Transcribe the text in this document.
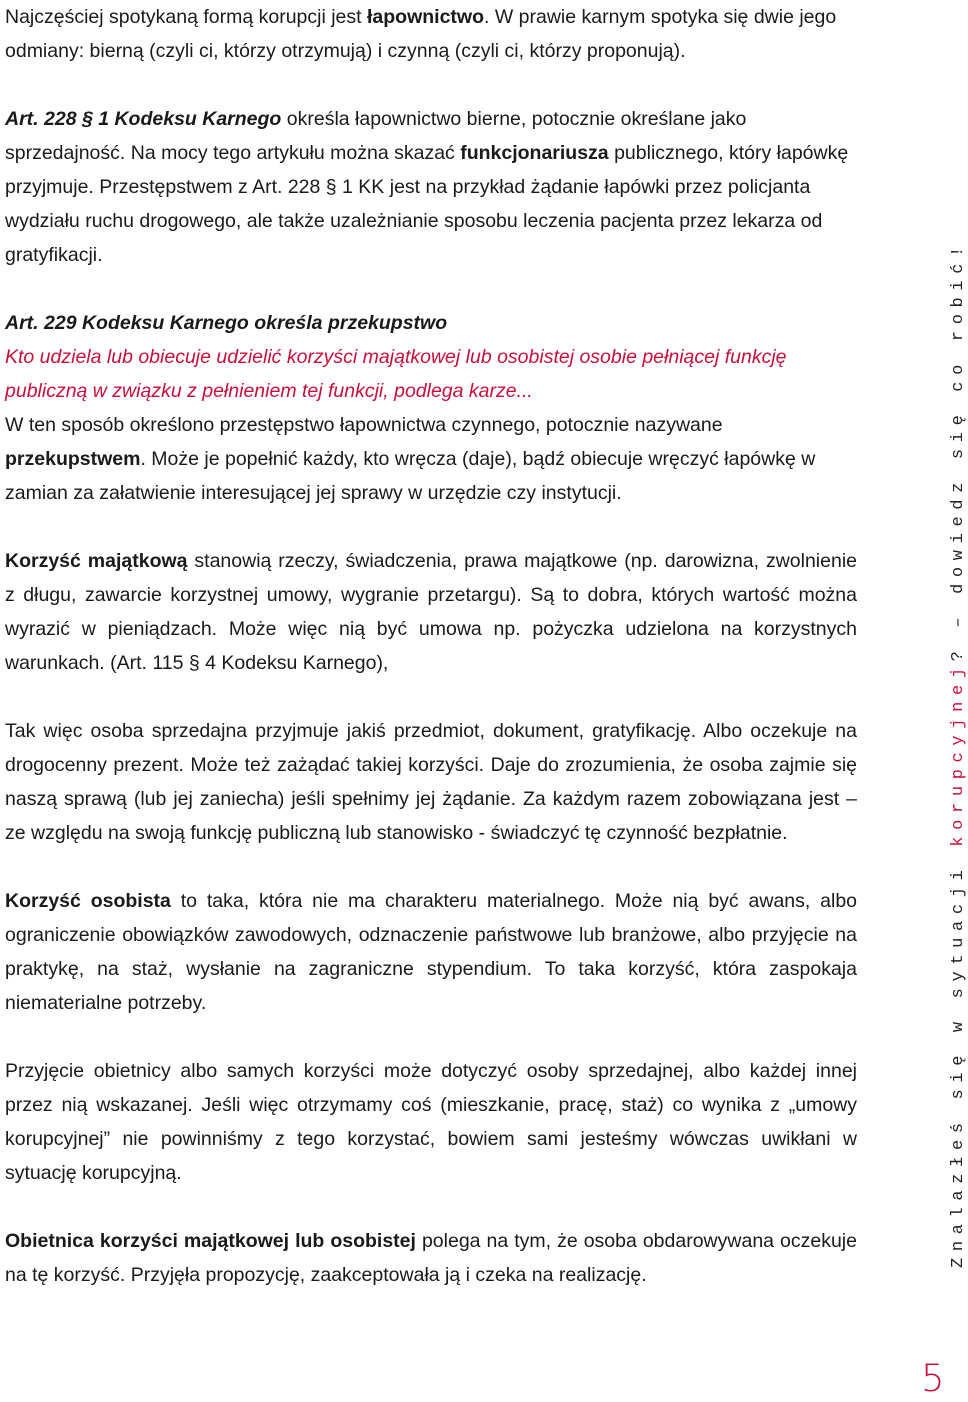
Najczęściej spotykaną formą korupcji jest łapownictwo. W prawie karnym spotyka się dwie jego odmiany: bierną (czyli ci, którzy otrzymują) i czynną (czyli ci, którzy proponują).

Art. 228 § 1 Kodeksu Karnego określa łapownictwo bierne, potocznie określane jako sprzedajność. Na mocy tego artykułu można skazać funkcjonariusza publicznego, który łapówkę przyjmuje. Przestępstwem z Art. 228 § 1 KK jest na przykład żądanie łapówki przez policjanta wydziału ruchu drogowego, ale także uzależnianie sposobu leczenia pacjenta przez lekarza od gratyfikacji.

Art. 229 Kodeksu Karnego określa przekupstwo
Kto udziela lub obiecuje udzielić korzyści majątkowej lub osobistej osobie pełniącej funkcję publiczną w związku z pełnieniem tej funkcji, podlega karze...
W ten sposób określono przestępstwo łapownictwa czynnego, potocznie nazywane przekupstwem. Może je popełnić każdy, kto wręcza (daje), bądź obiecuje wręczyć łapówkę w zamian za załatwienie interesującej jej sprawy w urzędzie czy instytucji.

Korzyść majątkową stanowią rzeczy, świadczenia, prawa majątkowe (np. darowizna, zwolnienie z długu, zawarcie korzystnej umowy, wygranie przetargu). Są to dobra, których wartość można wyrazić w pieniądzach. Może więc nią być umowa np. pożyczka udzielona na korzystnych warunkach. (Art. 115 § 4 Kodeksu Karnego),

Tak więc osoba sprzedajna przyjmuje jakiś przedmiot, dokument, gratyfikację. Albo oczekuje na drogocenny prezent. Może też zażądać takiej korzyści. Daje do zrozumienia, że osoba zajmie się naszą sprawą (lub jej zaniecha) jeśli spełnimy jej żądanie. Za każdym razem zobowiązana jest – ze względu na swoją funkcję publiczną lub stanowisko - świadczyć tę czynność bezpłatnie.

Korzyść osobista to taka, która nie ma charakteru materialnego. Może nią być awans, albo ograniczenie obowiązków zawodowych, odznaczenie państwowe lub branżowe, albo przyjęcie na praktykę, na staż, wysłanie na zagraniczne stypendium. To taka korzyść, która zaspokaja niematerialne potrzeby.

Przyjęcie obietnicy albo samych korzyści może dotyczyć osoby sprzedajnej, albo każdej innej przez nią wskazanej. Jeśli więc otrzymamy coś (mieszkanie, pracę, staż) co wynika z „umowy korupcyjnej” nie powinniśmy z tego korzystać, bowiem sami jesteśmy wówczas uwikłani w sytuację korupcyjną.

Obietnica korzyści majątkowej lub osobistej polega na tym, że osoba obdarowywana oczekuje na tę korzyść. Przyjęła propozycję, zaakceptowała ją i czeka na realizację.

Znalazłeś się w sytuacji korupcyjnej? – dowiedz się co robić!
5
